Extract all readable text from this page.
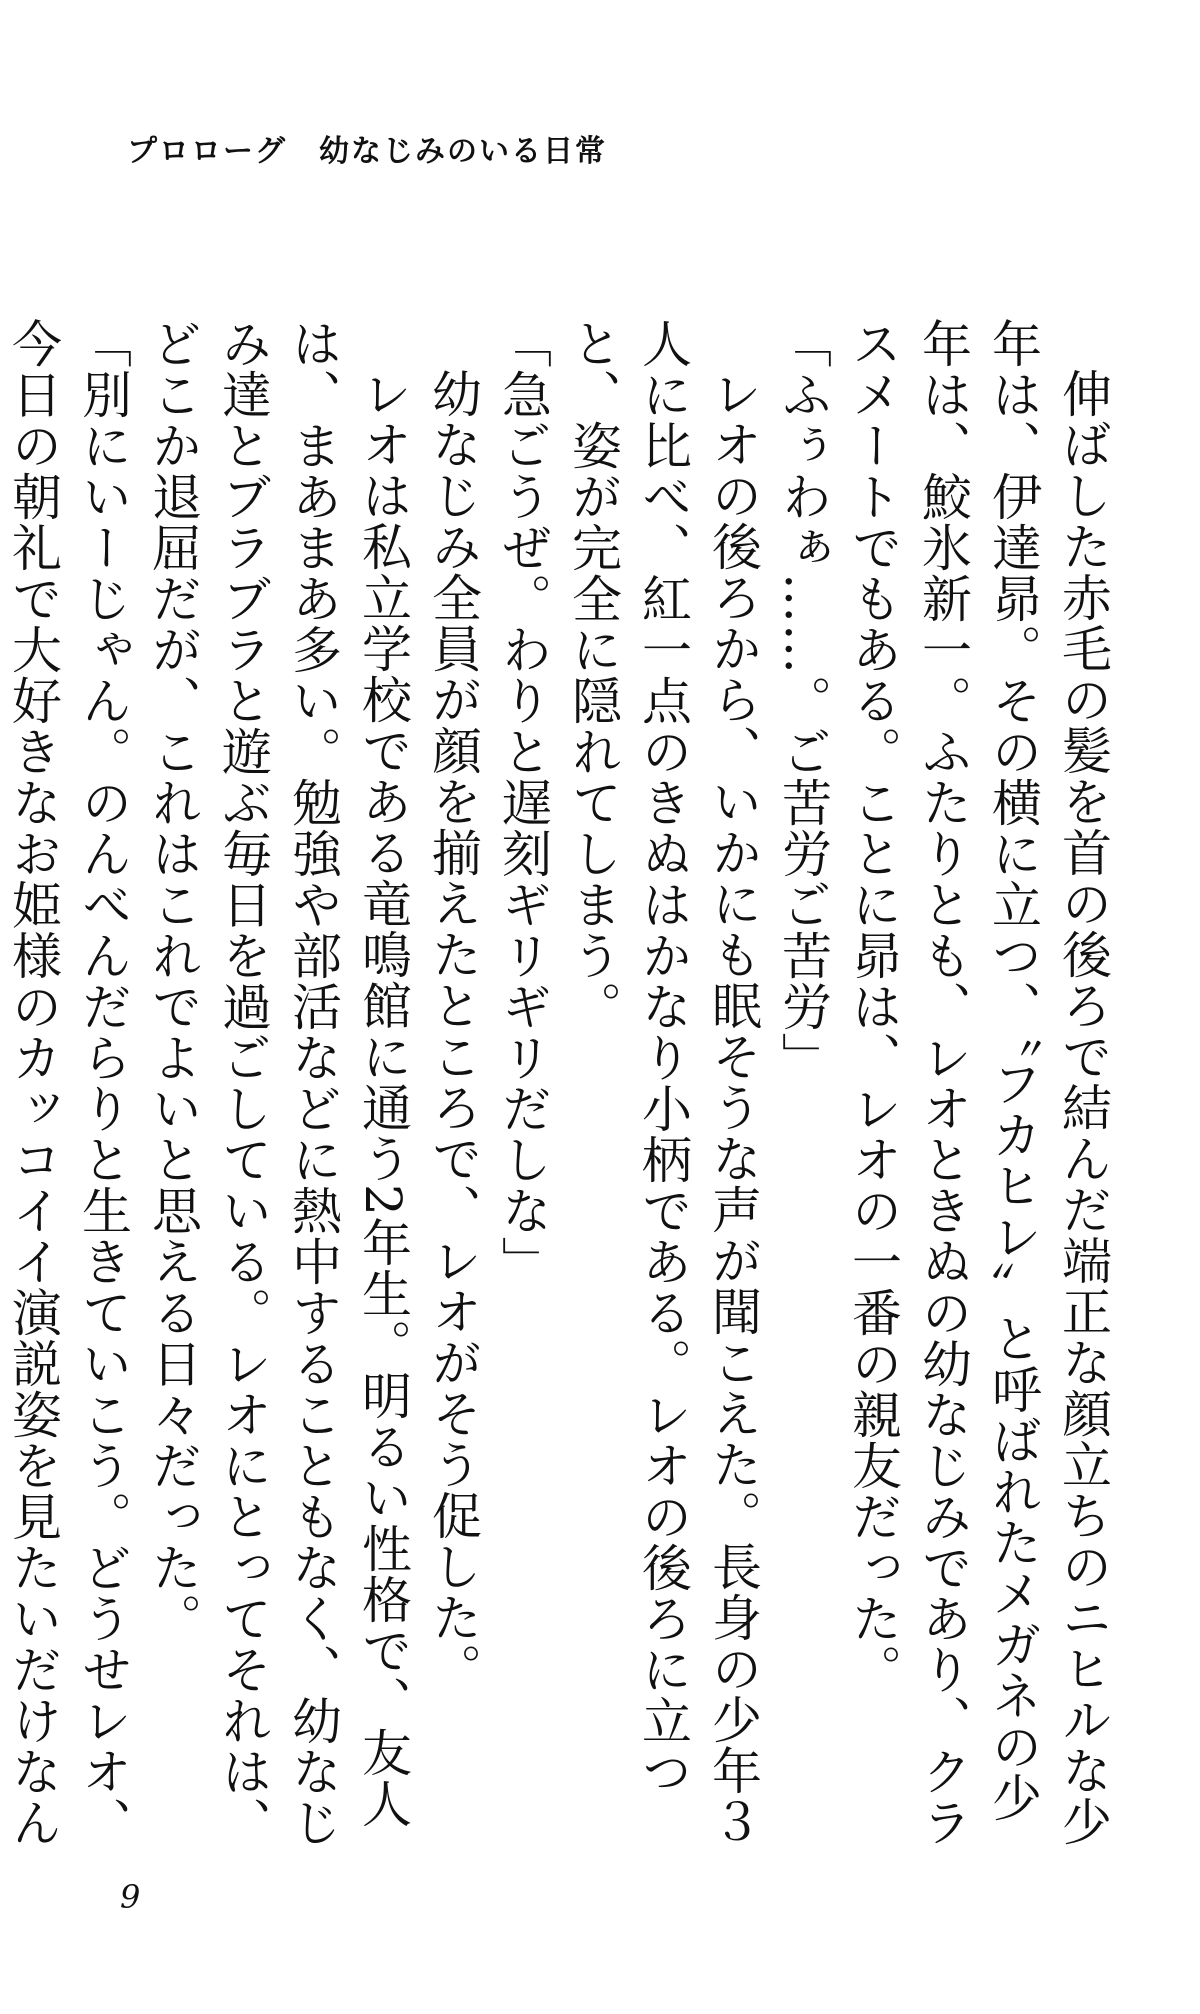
プロローグ　幼なじみのいる日常

伸ばした赤毛の髪を首の後ろで結んだ端正な顔立ちのニヒルな少年は、伊達昴。その横に立つ、〝フカヒレ〟と呼ばれたメガネの少年は、鮫氷新一。ふたりとも、レオときぬの幼なじみであり、クラスメートでもある。ことに昴は、レオの一番の親友だった。

「ふぅわぁ……。ご苦労ご苦労」

レオの後ろから、いかにも眠そうな声が聞こえた。長身の少年３人に比べ、紅一点のきぬはかなり小柄である。レオの後ろに立つと、姿が完全に隠れてしまう。

「急ごうぜ。わりと遅刻ギリギリだしな」

幼なじみ全員が顔を揃えたところで、レオがそう促した。

レオは私立学校である竜鳴館に通う2年生。明るい性格で、友人は、まあまあ多い。勉強や部活などに熱中することもなく、幼なじみ達とブラブラと遊ぶ毎日を過ごしている。レオにとってそれは、どこか退屈だが、これはこれでよいと思える日々だった。

「別にいーじゃん。のんべんだらりと生きていこう。どうせレオ、今日の朝礼で大好きなお姫様のカッコイイ演説姿を見たいだけなん

9
